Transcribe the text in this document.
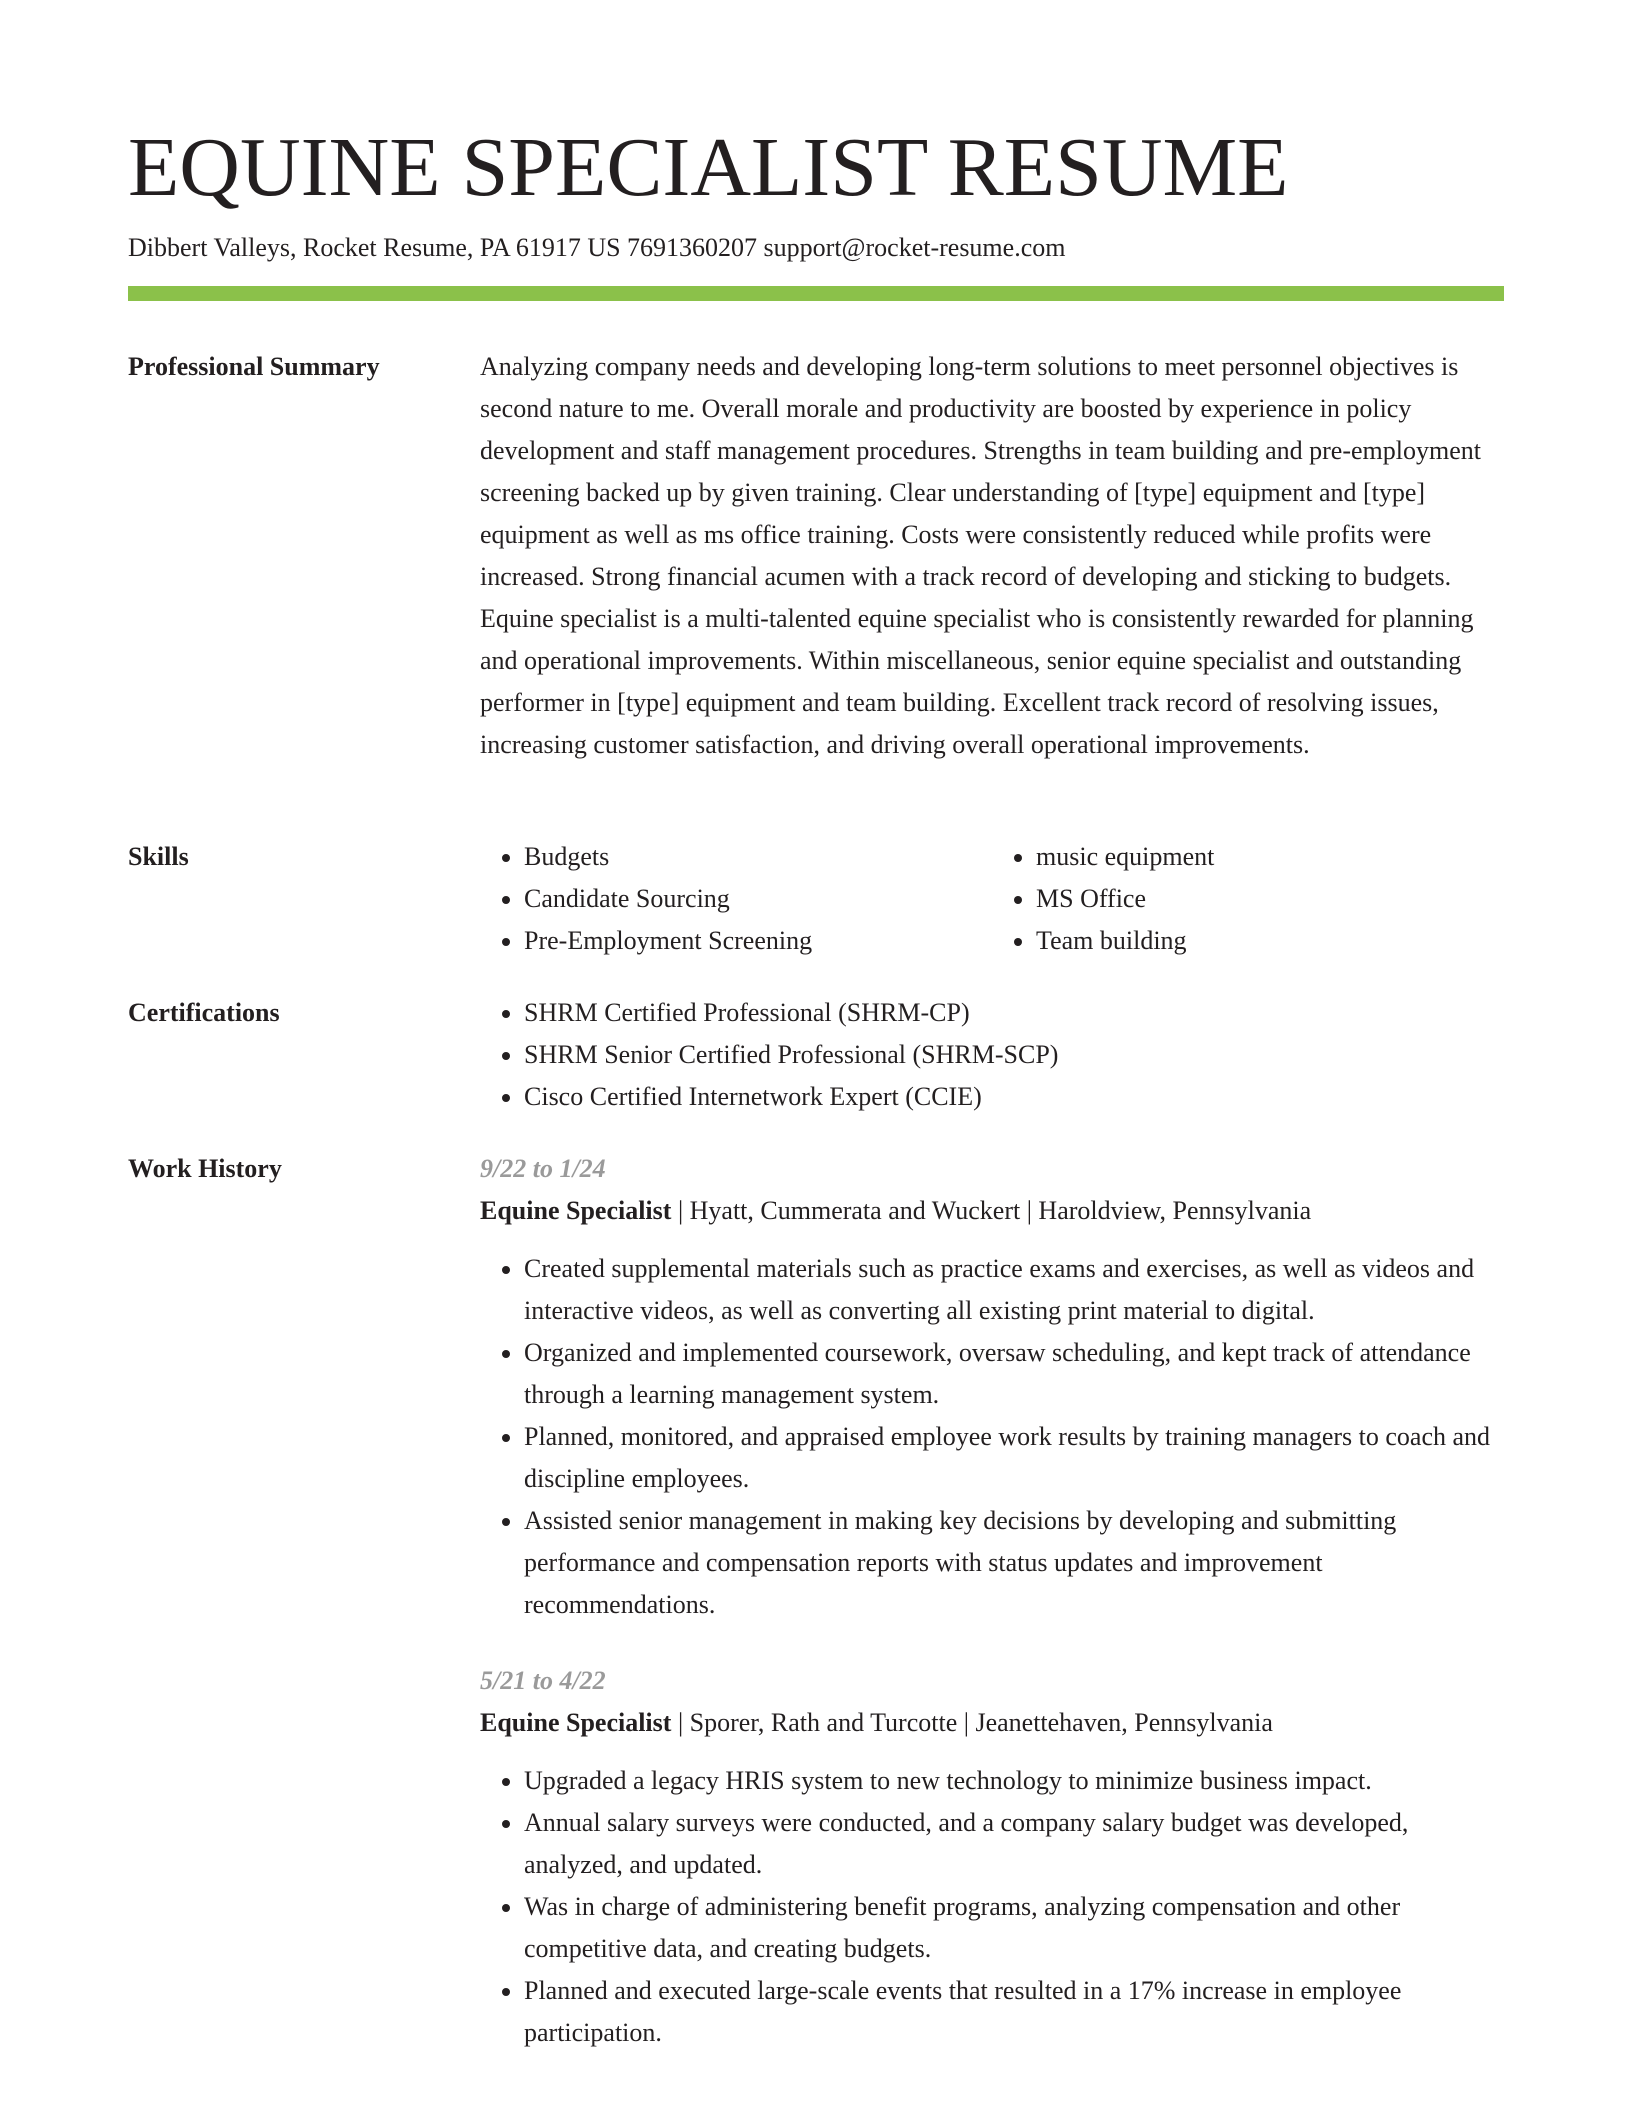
EQUINE SPECIALIST RESUME
Dibbert Valleys, Rocket Resume, PA 61917 US 7691360207 support@rocket-resume.com
Professional Summary	Analyzing company needs and developing long-term solutions to meet personnel objectives is second nature to me. Overall morale and productivity are boosted by experience in policy development and staff management procedures. Strengths in team building and pre-employment screening backed up by given training. Clear understanding of [type] equipment and [type] equipment as well as ms office training. Costs were consistently reduced while profits were increased. Strong financial acumen with a track record of developing and sticking to budgets. Equine specialist is a multi-talented equine specialist who is consistently rewarded for planning and operational improvements. Within miscellaneous, senior equine specialist and outstanding performer in [type] equipment and team building. Excellent track record of resolving issues, increasing customer satisfaction, and driving overall operational improvements.

Skills	• Budgets
• Candidate Sourcing
• Pre-Employment Screening
• music equipment
• MS Office
• Team building
Certifications	• SHRM Certified Professional (SHRM-CP)
• SHRM Senior Certified Professional (SHRM-SCP)
• Cisco Certified Internetwork Expert (CCIE)
Work History	9/22 to 1/24
Equine Specialist | Hyatt, Cummerata and Wuckert | Haroldview, Pennsylvania
• Created supplemental materials such as practice exams and exercises, as well as videos and interactive videos, as well as converting all existing print material to digital.
• Organized and implemented coursework, oversaw scheduling, and kept track of attendance through a learning management system.
• Planned, monitored, and appraised employee work results by training managers to coach and discipline employees.
• Assisted senior management in making key decisions by developing and submitting performance and compensation reports with status updates and improvement recommendations.
5/21 to 4/22
Equine Specialist | Sporer, Rath and Turcotte | Jeanettehaven, Pennsylvania
• Upgraded a legacy HRIS system to new technology to minimize business impact.
• Annual salary surveys were conducted, and a company salary budget was developed, analyzed, and updated.
• Was in charge of administering benefit programs, analyzing compensation and other competitive data, and creating budgets.
• Planned and executed large-scale events that resulted in a 17% increase in employee participation.
